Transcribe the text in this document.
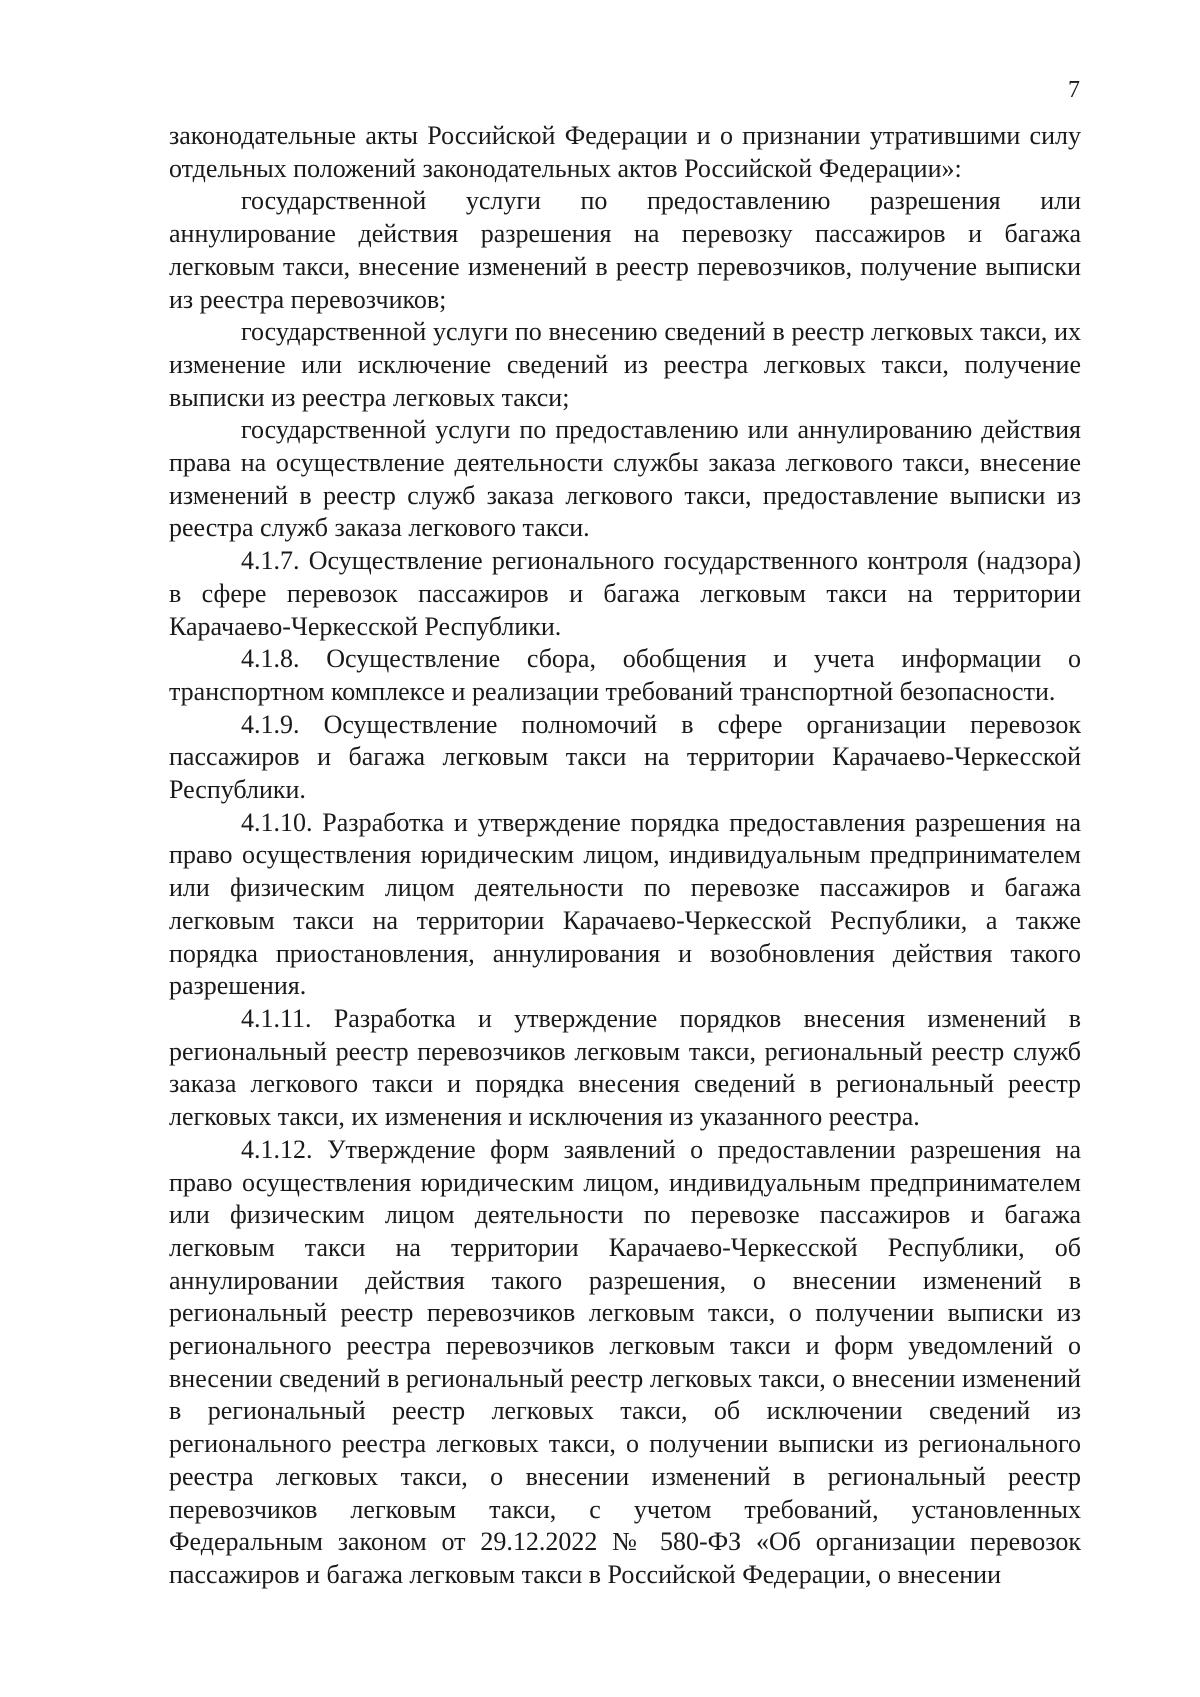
7

законодательные акты Российской Федерации и о признании утратившими силу отдельных положений законодательных актов Российской Федерации»:

государственной услуги по предоставлению разрешения или аннулирование действия разрешения на перевозку пассажиров и багажа легковым такси, внесение изменений в реестр перевозчиков, получение выписки из реестра перевозчиков;

государственной услуги по внесению сведений в реестр легковых такси, их изменение или исключение сведений из реестра легковых такси, получение выписки из реестра легковых такси;

государственной услуги по предоставлению или аннулированию действия права на осуществление деятельности службы заказа легкового такси, внесение изменений в реестр служб заказа легкового такси, предоставление выписки из реестра служб заказа легкового такси.

4.1.7. Осуществление регионального государственного контроля (надзора) в сфере перевозок пассажиров и багажа легковым такси на территории Карачаево-Черкесской Республики.

4.1.8. Осуществление сбора, обобщения и учета информации о транспортном комплексе и реализации требований транспортной безопасности.

4.1.9. Осуществление полномочий в сфере организации перевозок пассажиров и багажа легковым такси на территории Карачаево-Черкесской Республики.

4.1.10. Разработка и утверждение порядка предоставления разрешения на право осуществления юридическим лицом, индивидуальным предпринимателем или физическим лицом деятельности по перевозке пассажиров и багажа легковым такси на территории Карачаево-Черкесской Республики, а также порядка приостановления, аннулирования и возобновления действия такого разрешения.

4.1.11. Разработка и утверждение порядков внесения изменений в региональный реестр перевозчиков легковым такси, региональный реестр служб заказа легкового такси и порядка внесения сведений в региональный реестр легковых такси, их изменения и исключения из указанного реестра.

4.1.12. Утверждение форм заявлений о предоставлении разрешения на право осуществления юридическим лицом, индивидуальным предпринимателем или физическим лицом деятельности по перевозке пассажиров и багажа легковым такси на территории Карачаево-Черкесской Республики, об аннулировании действия такого разрешения, о внесении изменений в региональный реестр перевозчиков легковым такси, о получении выписки из регионального реестра перевозчиков легковым такси и форм уведомлений о внесении сведений в региональный реестр легковых такси, о внесении изменений в региональный реестр легковых такси, об исключении сведений из регионального реестра легковых такси, о получении выписки из регионального реестра легковых такси, о внесении изменений в региональный реестр перевозчиков легковым такси, с учетом требований, установленных Федеральным законом от 29.12.2022 № 580-ФЗ «Об организации перевозок пассажиров и багажа легковым такси в Российской Федерации, о внесении
